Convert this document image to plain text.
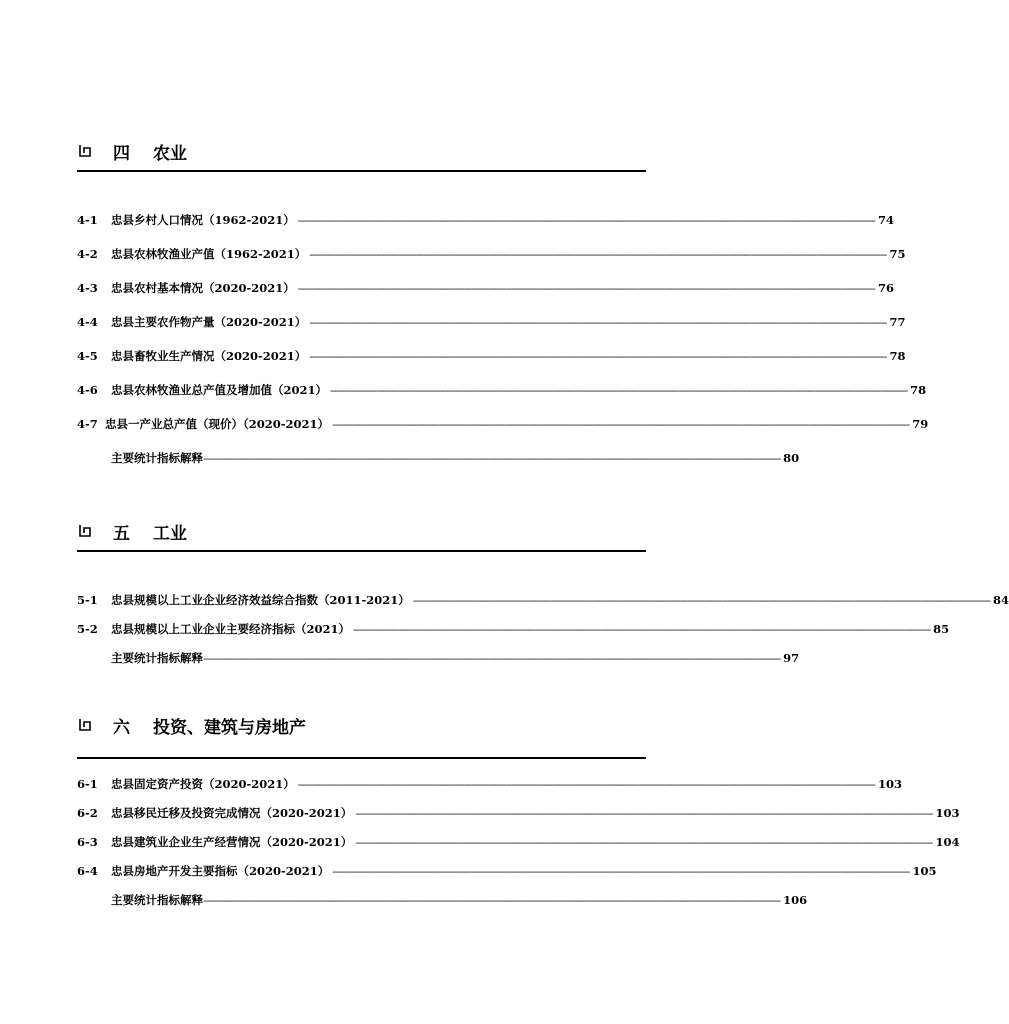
四 农业
4-1	忠县乡村人口情况（1962-2021） -------------------------------------------------------------------------------------------------------------------------------------------------------------------------------------------------------- 74
4-2	忠县农林牧渔业产值（1962-2021） -------------------------------------------------------------------------------------------------------------------------------------------------------------------------------------------------------- 75
4-3	忠县农村基本情况（2020-2021） -------------------------------------------------------------------------------------------------------------------------------------------------------------------------------------------------------- 76
4-4	忠县主要农作物产量（2020-2021） -------------------------------------------------------------------------------------------------------------------------------------------------------------------------------------------------------- 77
4-5	忠县畜牧业生产情况（2020-2021） -------------------------------------------------------------------------------------------------------------------------------------------------------------------------------------------------------- 78
4-6	忠县农林牧渔业总产值及增加值（2021） -------------------------------------------------------------------------------------------------------------------------------------------------------------------------------------------------------- 78
4-7 忠县一产业总产值（现价）（2020-2021） -------------------------------------------------------------------------------------------------------------------------------------------------------------------------------------------------------- 79
主要统计指标解释 -------------------------------------------------------------------------------------------------------------------------------------------------------------------------------------------------------- 80
五 工业
5-1	忠县规模以上工业企业经济效益综合指数（2011-2021） -------------------------------------------------------------------------------------------------------------------------------------------------------------------------------------------------------- 84
5-2	忠县规模以上工业企业主要经济指标（2021） -------------------------------------------------------------------------------------------------------------------------------------------------------------------------------------------------------- 85
主要统计指标解释 -------------------------------------------------------------------------------------------------------------------------------------------------------------------------------------------------------- 97
六 投资、建筑与房地产
6-1	忠县固定资产投资（2020-2021） -------------------------------------------------------------------------------------------------------------------------------------------------------------------------------------------------------- 103
6-2	忠县移民迁移及投资完成情况（2020-2021） -------------------------------------------------------------------------------------------------------------------------------------------------------------------------------------------------------- 103
6-3	忠县建筑业企业生产经营情况（2020-2021） -------------------------------------------------------------------------------------------------------------------------------------------------------------------------------------------------------- 104
6-4	忠县房地产开发主要指标（2020-2021） -------------------------------------------------------------------------------------------------------------------------------------------------------------------------------------------------------- 105
主要统计指标解释 -------------------------------------------------------------------------------------------------------------------------------------------------------------------------------------------------------- 106
